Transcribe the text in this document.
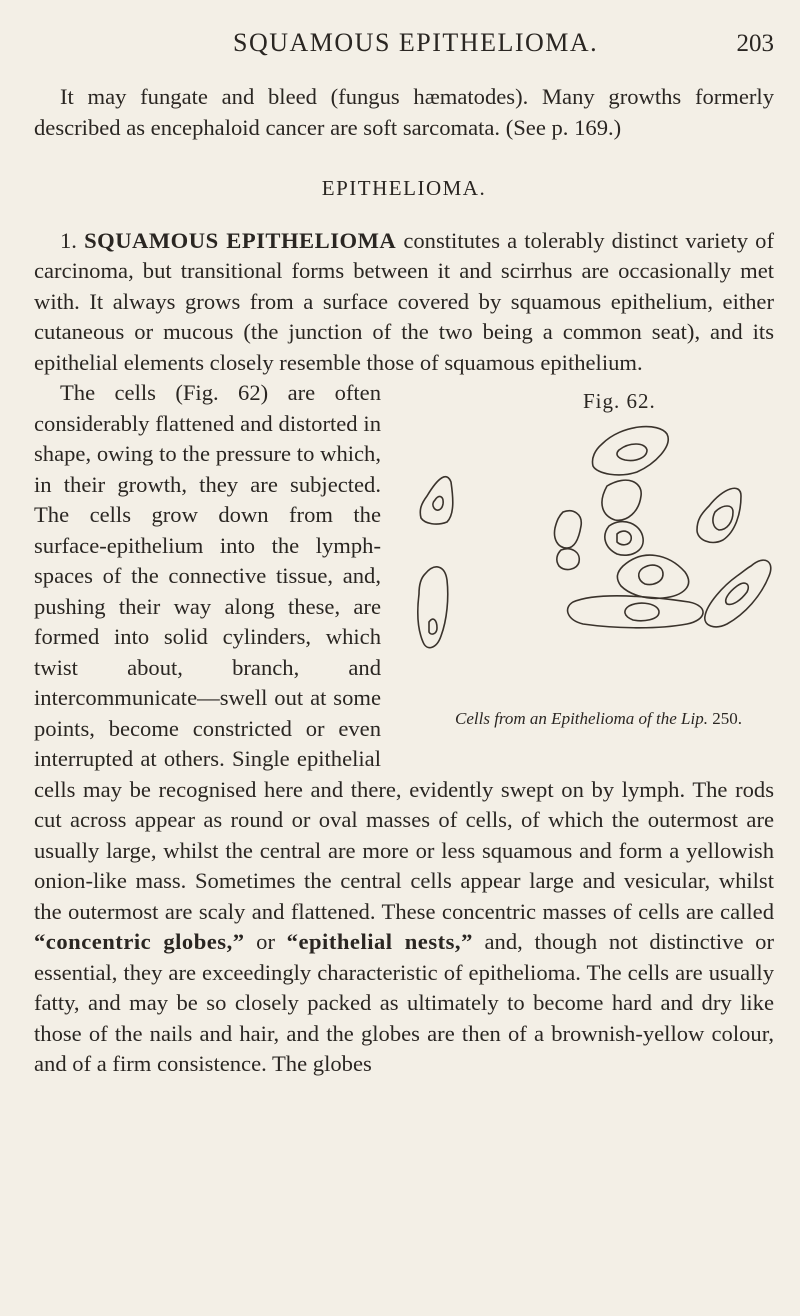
SQUAMOUS EPITHELIOMA.	203

It may fungate and bleed (fungus hæmatodes). Many growths formerly described as encephaloid cancer are soft sarcomata. (See p. 169.)

EPITHELIOMA.

1. SQUAMOUS EPITHELIOMA constitutes a tolerably distinct variety of carcinoma, but transitional forms between it and scirrhus are occasionally met with. It always grows from a surface covered by squamous epithelium, either cutaneous or mucous (the junction of the two being a common seat), and its epithelial elements closely resemble those of squamous epithelium.

Fig. 62.
Cells from an Epithelioma of the Lip. 250.
The cells (Fig. 62) are often considerably flattened and distorted in shape, owing to the pressure to which, in their growth, they are subjected. The cells grow down from the surface-epithelium into the lymph-spaces of the connective tissue, and, pushing their way along these, are formed into solid cylinders, which twist about, branch, and intercommunicate—swell out at some points, become constricted or even interrupted at others. Single epithelial cells may be recognised here and there, evidently swept on by lymph. The rods cut across appear as round or oval masses of cells, of which the outermost are usually large, whilst the central are more or less squamous and form a yellowish onion-like mass. Sometimes the central cells appear large and vesicular, whilst the outermost are scaly and flattened. These concentric masses of cells are called “concentric globes,” or “epithelial nests,” and, though not distinctive or essential, they are exceedingly characteristic of epithelioma. The cells are usually fatty, and may be so closely packed as ultimately to become hard and dry like those of the nails and hair, and the globes are then of a brownish-yellow colour, and of a firm consistence. The globes
